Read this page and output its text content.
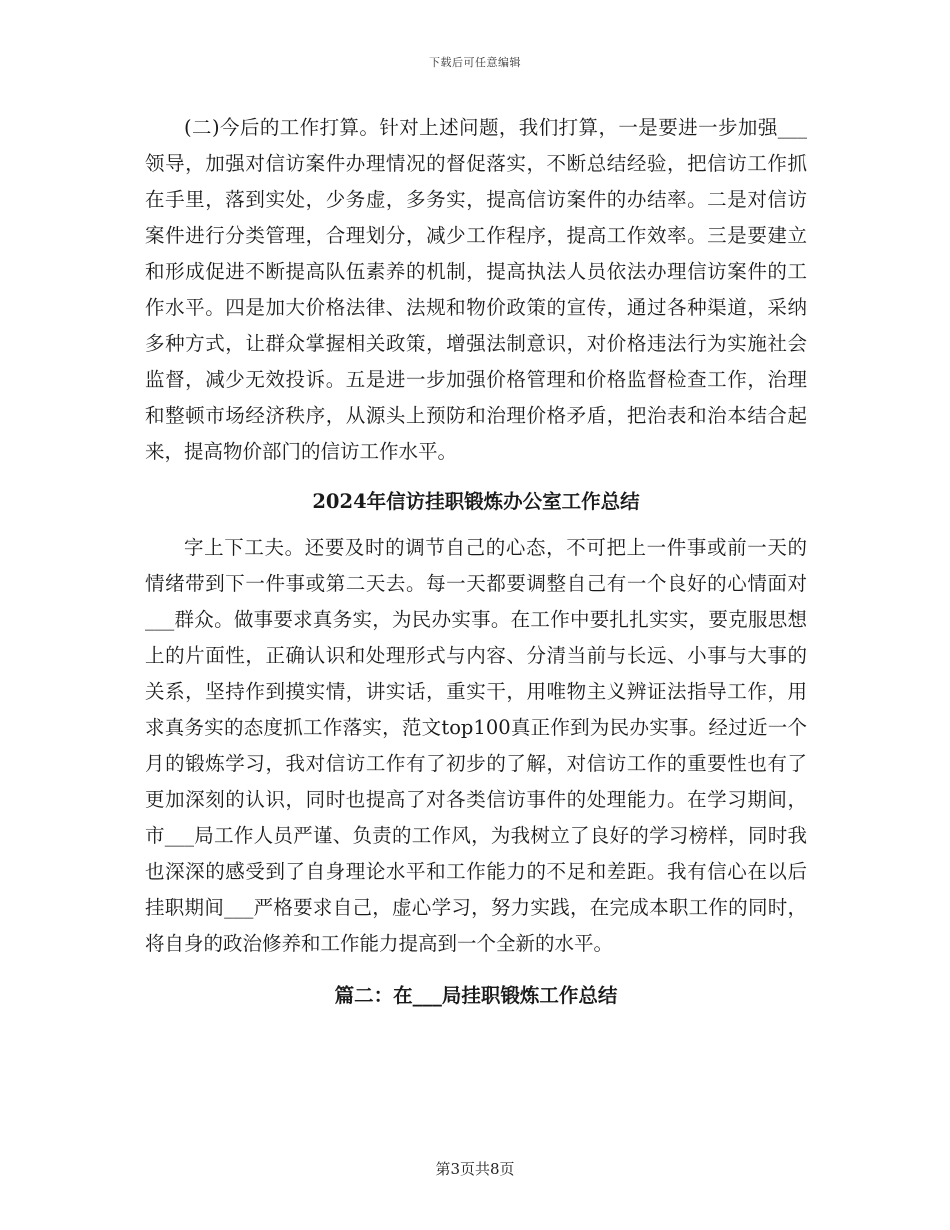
下载后可任意编辑

(二)今后的工作打算。针对上述问题，我们打算，一是要进一步加强___领导，加强对信访案件办理情况的督促落实，不断总结经验，把信访工作抓在手里，落到实处，少务虚，多务实，提高信访案件的办结率。二是对信访案件进行分类管理，合理划分，减少工作程序，提高工作效率。三是要建立和形成促进不断提高队伍素养的机制，提高执法人员依法办理信访案件的工作水平。四是加大价格法律、法规和物价政策的宣传，通过各种渠道，采纳多种方式，让群众掌握相关政策，增强法制意识，对价格违法行为实施社会监督，减少无效投诉。五是进一步加强价格管理和价格监督检查工作，治理和整顿市场经济秩序，从源头上预防和治理价格矛盾，把治表和治本结合起来，提高物价部门的信访工作水平。

2024年信访挂职锻炼办公室工作总结

字上下工夫。还要及时的调节自己的心态，不可把上一件事或前一天的情绪带到下一件事或第二天去。每一天都要调整自己有一个良好的心情面对___群众。做事要求真务实，为民办实事。在工作中要扎扎实实，要克服思想上的片面性，正确认识和处理形式与内容、分清当前与长远、小事与大事的关系，坚持作到摸实情，讲实话，重实干，用唯物主义辨证法指导工作，用求真务实的态度抓工作落实，范文top100真正作到为民办实事。经过近一个月的锻炼学习，我对信访工作有了初步的了解，对信访工作的重要性也有了更加深刻的认识，同时也提高了对各类信访事件的处理能力。在学习期间，市___局工作人员严谨、负责的工作风，为我树立了良好的学习榜样，同时我也深深的感受到了自身理论水平和工作能力的不足和差距。我有信心在以后挂职期间___严格要求自己，虚心学习，努力实践，在完成本职工作的同时，将自身的政治修养和工作能力提高到一个全新的水平。

篇二：在___局挂职锻炼工作总结

第3页共8页
